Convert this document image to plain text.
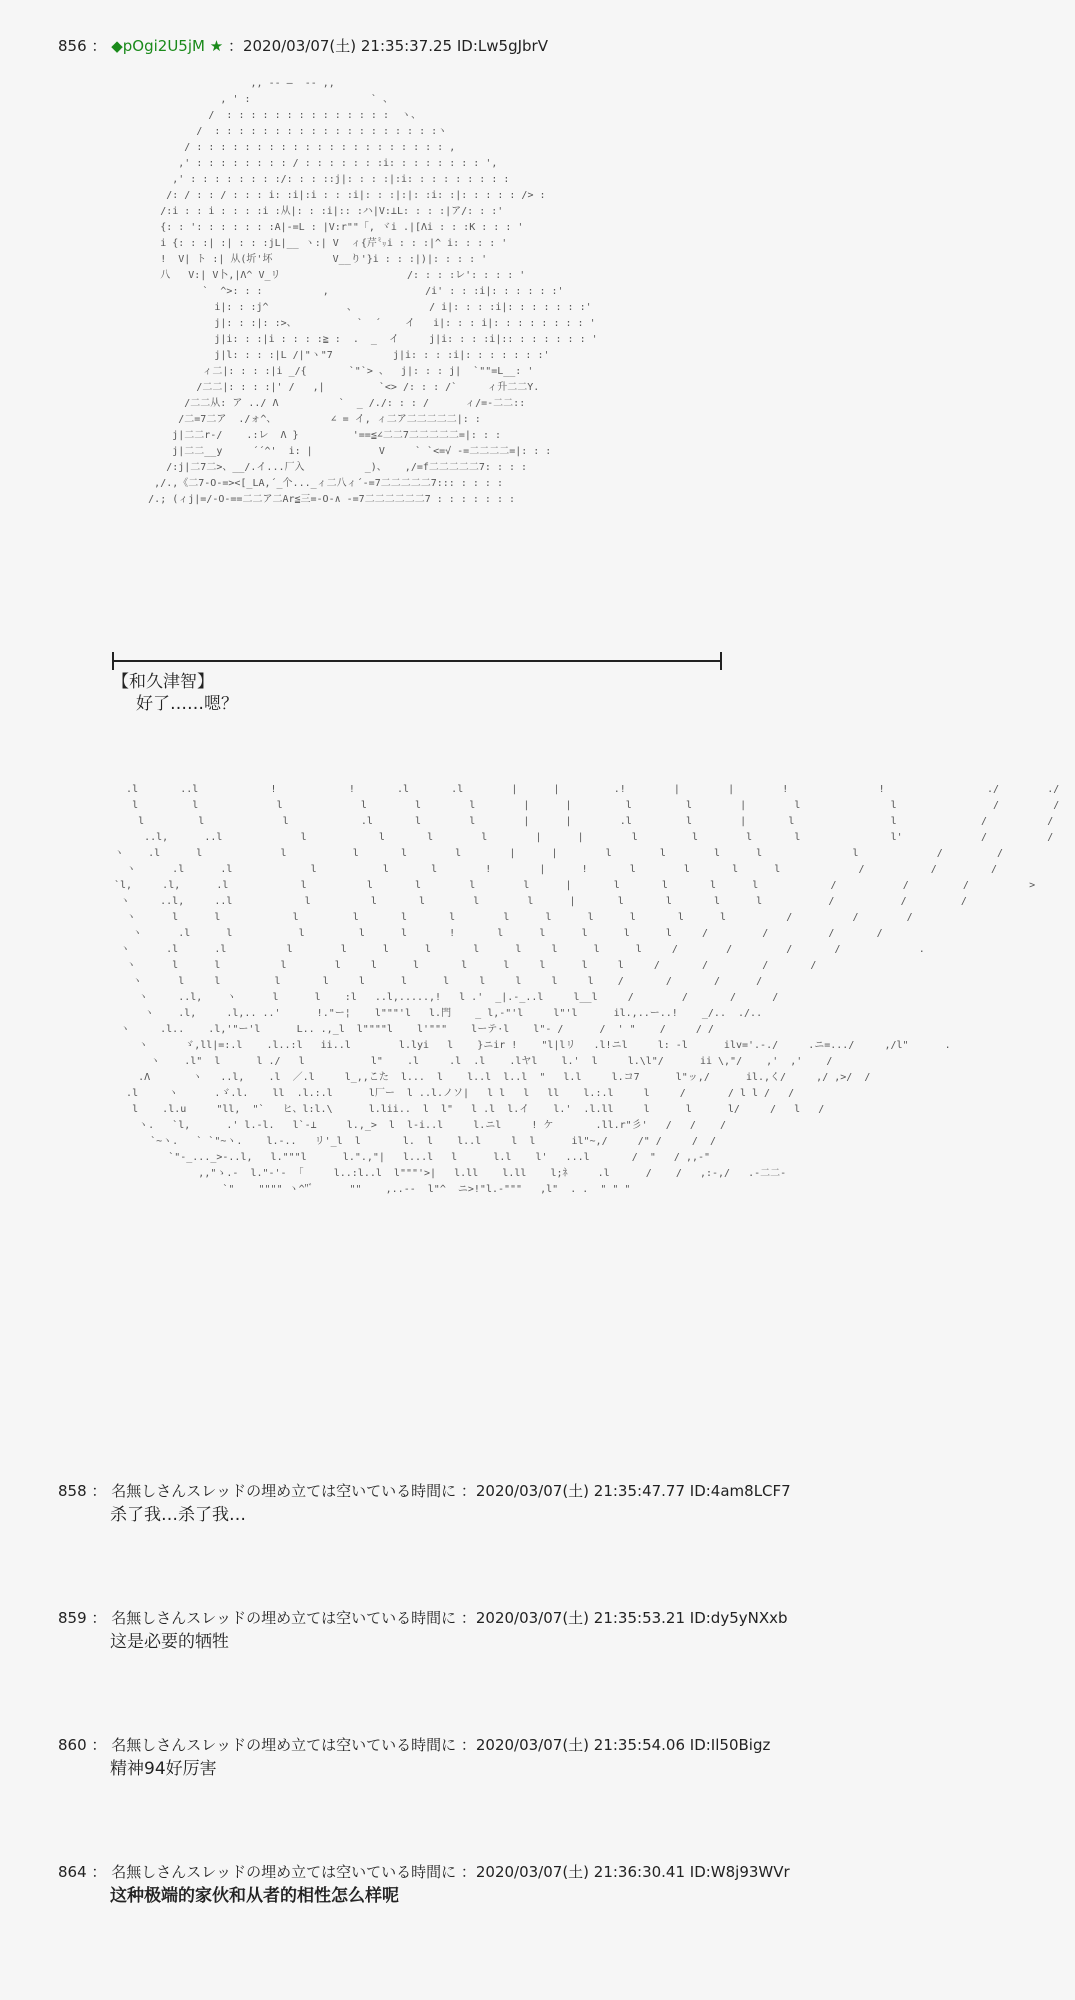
856 ： ◆pOgi2U5jM ★ ：2020/03/07(土) 21:35:37.25 ID:Lw5gJbrV
,, -- ―  -- ,,
, ' :                    ` 、
/  : : : : : : : : : : : : : :  ヽ、
/  : : : : : : : : : : : : : : : : : : :ヽ
/ : : : : : : : : : : : : : : : : : : : : : ,
,' : : : : : : : : / : : : : : : :i: : : : : : : : ',
,' : : : : : : : :/: : : ::j|: : : :|:i: : : : : : : : :
/: / : : / : : : i: :i|:i : : :i|: : :|:|: :i: :|: : : : : /> :
/:i : : i : : : :i :从|: : :i|:: :ハ|V:⊥L: : : :|ア/: : :'
{: : ': : : : : : :A|-=L : |V:r""「, ヾi .|[Λi : : :K : : : '
i {: : :| :| : : :jL|__ ヽ:| V  ィ{芹㍉i : : :|^ i: : : : '
!  V| ト :| 从(圻'坏          V__り'}i : : :|)|: : : : '
八   V:| V卜,|Λ^ V_リ                     /: : : :レ': : : : '
`  ^>: : :          ,                /i' : : :i|: : : : : :'
i|: : :j^             、            / i|: : : :i|: : : : : : :'
j|: : :|: :>、          `  ´    イ   i|: : : i|: : : : : : : : '
j|i: : :|i : : : :≧ :  .  _  イ     j|i: : : :i|:: : : : : : : '
j|l: : : :|L /|"ヽ"7          j|i: : : :i|: : : : : : :'
ィ二|: : : :|i _/{       `"`> 、  j|: : : j|  `""=L__: '
/二二|: : : :|' /   ,|         `<> /: : : /`     ィ升二二Y.
/二二从: ア ../ Λ          `  _ /./: : : /      ィ/=-二二::
/二=7二ア  ./ォ^、         ∠ = イ, ィ二ア二二二二二|: :
j|二二r-/    .:レ  Λ }         '==≦∠二二7二二二二二=|: : :
j|二二__у     ´´^'  i: |           V     ` `<=√ -=二二二二=|: : :
/:j|二7二>、__/.イ...厂入          _)、   ,/=f二二二二二7: : : :
,/.,《二7-O-=><[_LA,´_个..._ィ二八ィ´-=7二二二二二7::: : : : :
/.; (ィj|=/-O-==二二ア二Ar≦三=-O-∧ -=7二二二二二二7 : : : : : : :
【和久津智】
好了……嗯？
.l       ..l            !            !       .l       .l        |      |         .!        |        |        !               !                 ./        ./
l         l             l             l        l        l        |      |         l         l        |        l               l                /         /
l         l             l            .l       l        l        |      |        .l         l        |       l                l              /          /
..l,      ..l             l            l       l        l        |      |        l         l        l       l               l'             /          /
ヽ    .l      l             l           l       l        l        |      |        l        l        l      l               l             /         /
ヽ      .l      .l             l           l       l        !        |      !       l        l       l      l             /           /         /
`l,     .l,      .l            l          l       l        l        l      |       l       l       l      l            /           /         /          >
ヽ     ..l,     ..l            l          l       l        l        l      |       l       l       l      l           /           /         /
ヽ      l      l            l         l       l       l        l      l      l      l       l      l          /          /        /
ヽ      .l      l           l         l      l       !       l      l      l      l      l     /         /          /       /
ヽ      .l      .l          l        l      l      l       l      l     l      l      l     /        /         /       /             .
ヽ      l      l          l        l     l      l       l      l     l      l     l     /       /         /       /
ヽ      l     l         l       l     l      l      l     l     l     l     l    /       /       /      /
ヽ     ..l,    ヽ      l      l    :l   ..l,.....,!   l .'  _|.-_..l     l__l     /        /       /      /
ヽ    .l,     .l,.. ..'      !."ー¦    l"""'l   l.門    _ l,-"'l     l"'l      il.,..ー..!    _/..  ./..
ヽ     .l..    .l,'"ー'l      L.. .,_l  l""""l    l'"""    lーテ·l    l"- /      /  ' "    /     / /
ヽ      ゞ,ll|=:.l    .l..:l   ii..l        l.lyi   l    }ニir !    "l|lリ   .l!ニl     l: -l      ilv='.-./     .ニ=.../     ,/l"      .
ヽ    .l"  l      l ./   l           l"    .l     .l  .l    .lヤl    l.'  l     l.\l"/      ii \,"/    ,'  ,'    /
.Λ       ヽ   ..l,    .l  ／.l     l_,,こた  l...  l    l..l  l..l  "   l.l     l.コ7      l"ッ,/      il.,く/     ,/ ,>/  /
.l     ヽ      .ゞ.l.    ll  .l.:.l      l厂ー  l ..l.ノソ|   l l   l   ll    l.:.l     l     /       / l l /   /
l    .l.u     "ll,  "`   ヒ、l:l.\      l.lii..  l  l"   l .l  l.イ    l.'  .l.ll     l      l      l/     /   l   /
ヽ.   `l,      .' l.-l.   l`-⊥     l.,_>  l  l-i..l     l.ニl     ! ケ       .ll.r"彡'   /   /    /
`~ヽ.   ` `"~ヽ.    l.-..   リ'_l  l       l.  l    l..l     l  l      il"~,/     /" /     /  /
`"-_..._>-..l,   l."""l      l.".,"|   l...l   l      l.l    l'   ...l       /  "   / ,,-"
,,"ゝ.-  l."-'-  ｢     l..:l..l  l"""'>|   l.ll    l.ll    l;ﾈ     .l      /    /   ,:-,/   .-二二-
`"    """" ヽ^"ﾞ      ""    ,..--  l"^  ニ>!"l.-"""   ,l"  . .  " " "
858 ： 名無しさんスレッドの埋め立ては空いている時間に ：2020/03/07(土) 21:35:47.77 ID:4am8LCF7
杀了我…杀了我…
859 ： 名無しさんスレッドの埋め立ては空いている時間に ：2020/03/07(土) 21:35:53.21 ID:dy5yNXxb
这是必要的牺牲
860 ： 名無しさんスレッドの埋め立ては空いている時間に ：2020/03/07(土) 21:35:54.06 ID:Il50Bigz
精神94好厉害
864 ： 名無しさんスレッドの埋め立ては空いている時間に ：2020/03/07(土) 21:36:30.41 ID:W8j93WVr
这种极端的家伙和从者的相性怎么样呢
